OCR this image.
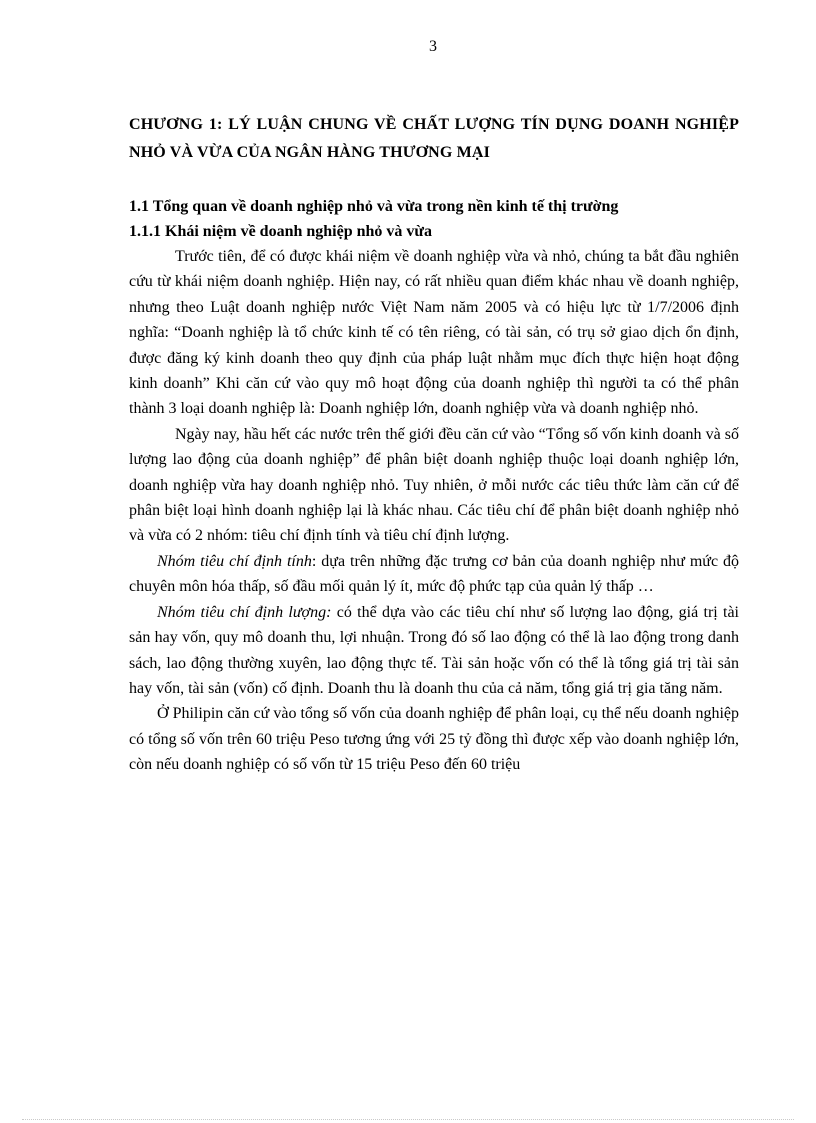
3
CHƯƠNG 1: LÝ LUẬN CHUNG VỀ CHẤT LƯỢNG TÍN DỤNG DOANH NGHIỆP NHỎ VÀ VỪA CỦA NGÂN HÀNG THƯƠNG MẠI
1.1 Tổng quan về doanh nghiệp nhỏ và vừa trong nền kinh tế thị trường
1.1.1 Khái niệm về doanh nghiệp nhỏ và vừa

Trước tiên, để có được khái niệm về doanh nghiệp vừa và nhỏ, chúng ta bắt đầu nghiên cứu từ khái niệm doanh nghiệp. Hiện nay, có rất nhiều quan điểm khác nhau về doanh nghiệp, nhưng theo Luật doanh nghiệp nước Việt Nam năm 2005 và có hiệu lực từ 1/7/2006 định nghĩa: “Doanh nghiệp là tổ chức kinh tế có tên riêng, có tài sản, có trụ sở giao dịch ổn định, được đăng ký kinh doanh theo quy định của pháp luật nhằm mục đích thực hiện hoạt động kinh doanh” Khi căn cứ vào quy mô hoạt động của doanh nghiệp thì người ta có thể phân thành 3 loại doanh nghiệp là: Doanh nghiệp lớn, doanh nghiệp vừa và doanh nghiệp nhỏ.

Ngày nay, hầu hết các nước trên thế giới đều căn cứ vào “Tổng số vốn kinh doanh và số lượng lao động của doanh nghiệp” để phân biệt doanh nghiệp thuộc loại doanh nghiệp lớn, doanh nghiệp vừa hay doanh nghiệp nhỏ. Tuy nhiên, ở mỗi nước các tiêu thức làm căn cứ để phân biệt loại hình doanh nghiệp lại là khác nhau. Các tiêu chí để phân biệt doanh nghiệp nhỏ và vừa có 2 nhóm: tiêu chí định tính và tiêu chí định lượng.

Nhóm tiêu chí định tính: dựa trên những đặc trưng cơ bản của doanh nghiệp như mức độ chuyên môn hóa thấp, số đầu mối quản lý ít, mức độ phức tạp của quản lý thấp …

Nhóm tiêu chí định lượng: có thể dựa vào các tiêu chí như số lượng lao động, giá trị tài sản hay vốn, quy mô doanh thu, lợi nhuận. Trong đó số lao động có thể là lao động trong danh sách, lao động thường xuyên, lao động thực tế. Tài sản hoặc vốn có thể là tổng giá trị tài sản hay vốn, tài sản (vốn) cố định. Doanh thu là doanh thu của cả năm, tổng giá trị gia tăng năm.

Ở Philipin căn cứ vào tổng số vốn của doanh nghiệp để phân loại, cụ thể nếu doanh nghiệp có tổng số vốn trên 60 triệu Peso tương ứng với 25 tỷ đồng thì được xếp vào doanh nghiệp lớn, còn nếu doanh nghiệp có số vốn từ 15 triệu Peso đến 60 triệu
